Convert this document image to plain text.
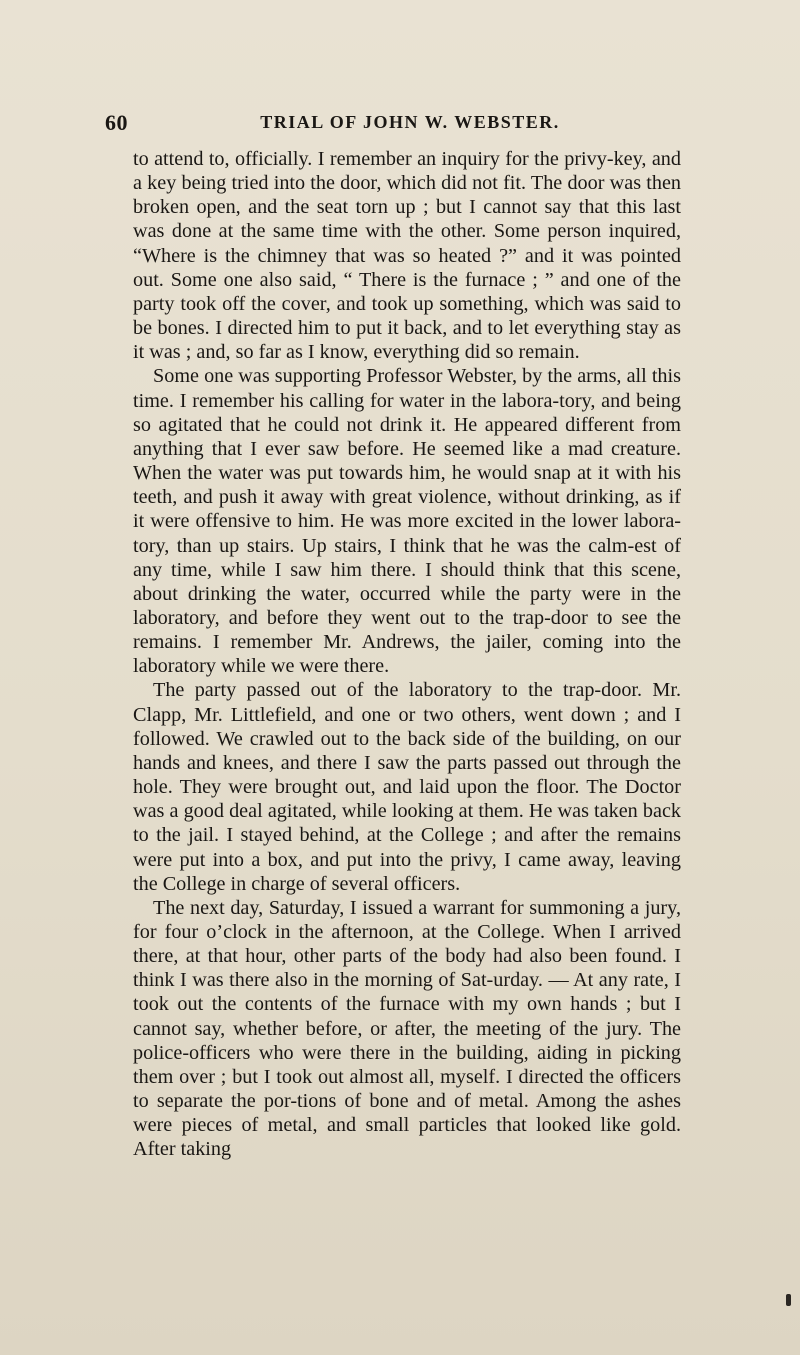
60	TRIAL OF JOHN W. WEBSTER.

to attend to, officially. I remember an inquiry for the privy-key, and a key being tried into the door, which did not fit. The door was then broken open, and the seat torn up ; but I cannot say that this last was done at the same time with the other. Some person inquired, “Where is the chimney that was so heated ?” and it was pointed out. Some one also said, “ There is the furnace ; ” and one of the party took off the cover, and took up something, which was said to be bones. I directed him to put it back, and to let everything stay as it was ; and, so far as I know, everything did so remain.

Some one was supporting Professor Webster, by the arms, all this time. I remember his calling for water in the labora-tory, and being so agitated that he could not drink it. He appeared different from anything that I ever saw before. He seemed like a mad creature. When the water was put towards him, he would snap at it with his teeth, and push it away with great violence, without drinking, as if it were offensive to him. He was more excited in the lower labora-tory, than up stairs. Up stairs, I think that he was the calm-est of any time, while I saw him there. I should think that this scene, about drinking the water, occurred while the party were in the laboratory, and before they went out to the trap-door to see the remains. I remember Mr. Andrews, the jailer, coming into the laboratory while we were there.

The party passed out of the laboratory to the trap-door. Mr. Clapp, Mr. Littlefield, and one or two others, went down ; and I followed. We crawled out to the back side of the building, on our hands and knees, and there I saw the parts passed out through the hole. They were brought out, and laid upon the floor. The Doctor was a good deal agitated, while looking at them. He was taken back to the jail. I stayed behind, at the College ; and after the remains were put into a box, and put into the privy, I came away, leaving the College in charge of several officers.

The next day, Saturday, I issued a warrant for summoning a jury, for four o’clock in the afternoon, at the College. When I arrived there, at that hour, other parts of the body had also been found. I think I was there also in the morning of Sat-urday. — At any rate, I took out the contents of the furnace with my own hands ; but I cannot say, whether before, or after, the meeting of the jury. The police-officers who were there in the building, aiding in picking them over ; but I took out almost all, myself. I directed the officers to separate the por-tions of bone and of metal. Among the ashes were pieces of metal, and small particles that looked like gold. After taking
